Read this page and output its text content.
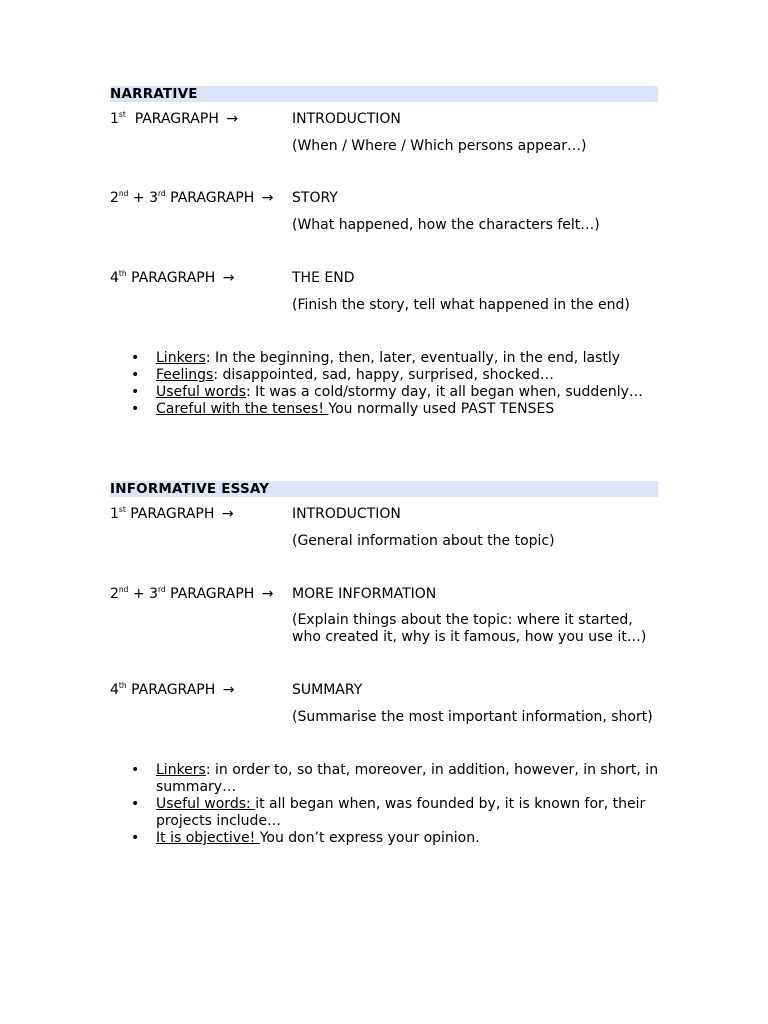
NARRATIVE
1st PARAGRAPH →	INTRODUCTION
(When / Where / Which persons appear…)
2nd + 3rd PARAGRAPH → STORY
(What happened, how the characters felt…)
4th PARAGRAPH →	THE END
(Finish the story, tell what happened in the end)
• Linkers: In the beginning, then, later, eventually, in the end, lastly
• Feelings: disappointed, sad, happy, surprised, shocked…
• Useful words: It was a cold/stormy day, it all began when, suddenly…
• Careful with the tenses! You normally used PAST TENSES
INFORMATIVE ESSAY
1st PARAGRAPH →	INTRODUCTION
(General information about the topic)
2nd + 3rd PARAGRAPH → MORE INFORMATION
(Explain things about the topic: where it started,
who created it, why is it famous, how you use it…)
4th PARAGRAPH →	SUMMARY
(Summarise the most important information, short)
• Linkers: in order to, so that, moreover, in addition, however, in short, in summary…
• Useful words: it all began when, was founded by, it is known for, their projects include…
• It is objective! You don’t express your opinion.
